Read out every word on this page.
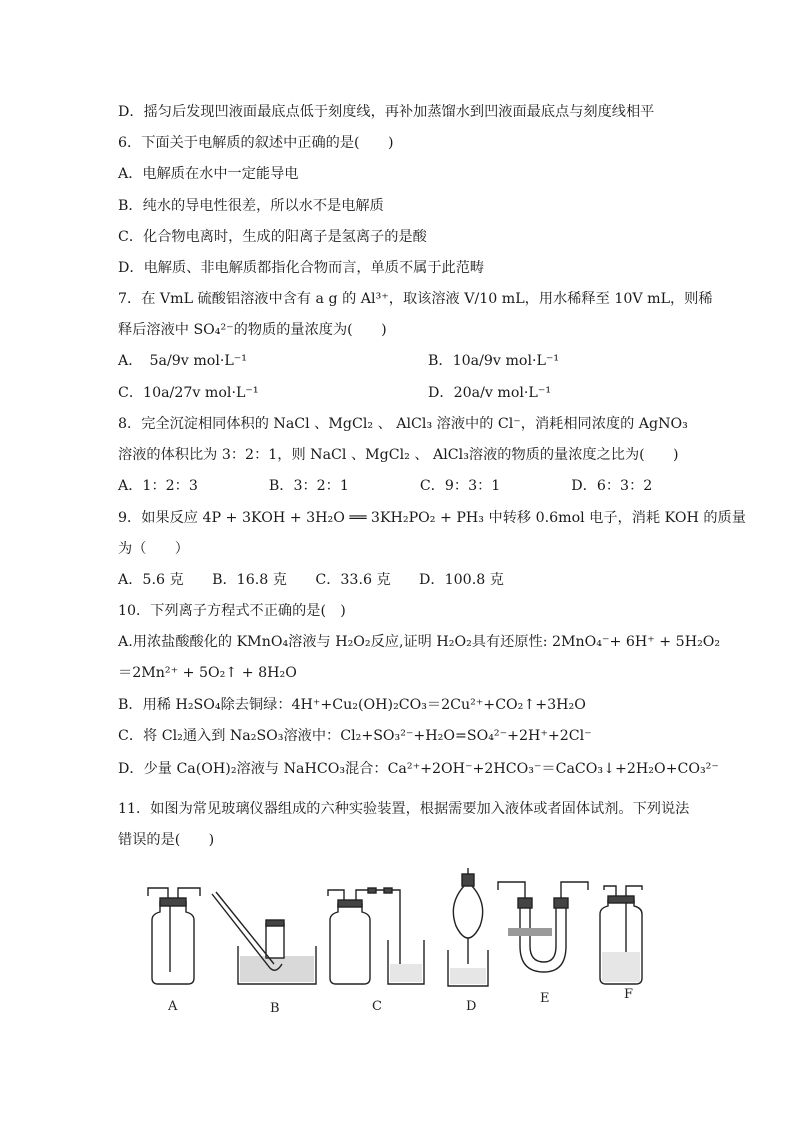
D．摇匀后发现凹液面最底点低于刻度线，再补加蒸馏水到凹液面最底点与刻度线相平
6．下面关于电解质的叙述中正确的是(　　)
A．电解质在水中一定能导电
B．纯水的导电性很差，所以水不是电解质
C．化合物电离时，生成的阳离子是氢离子的是酸
D．电解质、非电解质都指化合物而言，单质不属于此范畴
7．在 VmL 硫酸铝溶液中含有 a g 的 Al³⁺，取该溶液 V/10 mL，用水稀释至 10V mL，则稀
释后溶液中 SO₄²⁻的物质的量浓度为(　　)
A．　5a/9v mol·L⁻¹	B．10a/9v mol·L⁻¹
C．10a/27v mol·L⁻¹	D．20a/v mol·L⁻¹
8．完全沉淀相同体积的 NaCl 、MgCl₂ 、 AlCl₃ 溶液中的 Cl⁻，消耗相同浓度的 AgNO₃
溶液的体积比为 3：2：1，则 NaCl 、MgCl₂ 、 AlCl₃溶液的物质的量浓度之比为(　　)
A．1：2：3　　　　　B．3：2：1　　　　　C．9：3：1　　　　　D．6：3：2
9．如果反应 4P + 3KOH + 3H₂O ══ 3KH₂PO₂ + PH₃ 中转移 0.6mol 电子，消耗 KOH 的质量
为（　　）
A．5.6 克　　B．16.8 克　　C．33.6 克　　D．100.8 克
10．下列离子方程式不正确的是(　)
A.用浓盐酸酸化的 KMnO₄溶液与 H₂O₂反应,证明 H₂O₂具有还原性: 2MnO₄⁻+ 6H⁺ + 5H₂O₂
＝2Mn²⁺ + 5O₂↑ + 8H₂O
B．用稀 H₂SO₄除去铜绿：4H⁺+Cu₂(OH)₂CO₃＝2Cu²⁺+CO₂↑+3H₂O
C．将 Cl₂通入到 Na₂SO₃溶液中：Cl₂+SO₃²⁻+H₂O=SO₄²⁻+2H⁺+2Cl⁻
D．少量 Ca(OH)₂溶液与 NaHCO₃混合：Ca²⁺+2OH⁻+2HCO₃⁻＝CaCO₃↓+2H₂O+CO₃²⁻
11．如图为常见玻璃仪器组成的六种实验装置，根据需要加入液体或者固体试剂。下列说法
错误的是(　　)
A	B	C	D
E	F
